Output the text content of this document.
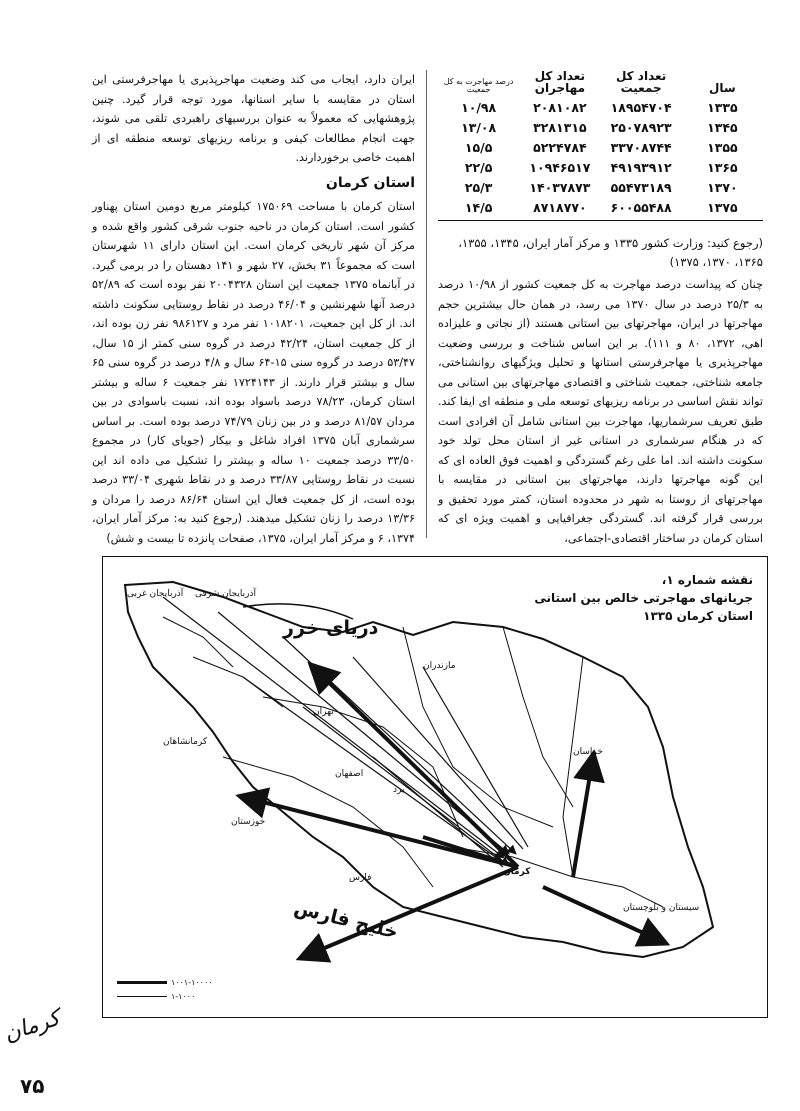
سال
تعداد کل جمعیت
تعداد کل مهاجران
درصد مهاجرت به کل جمعیت
۱۳۳۵
۱۸۹۵۴۷۰۴
۲۰۸۱۰۸۲
۱۰/۹۸
۱۳۴۵
۲۵۰۷۸۹۲۳
۳۲۸۱۳۱۵
۱۳/۰۸
۱۳۵۵
۳۳۷۰۸۷۴۴
۵۲۲۴۷۸۴
۱۵/۵
۱۳۶۵
۴۹۱۹۳۹۱۲
۱۰۹۴۶۵۱۷
۲۲/۵
۱۳۷۰
۵۵۴۷۳۱۸۹
۱۴۰۳۷۸۷۳
۲۵/۳
۱۳۷۵
۶۰۰۵۵۴۸۸
۸۷۱۸۷۷۰
۱۴/۵
(رجوع کنید: وزارت کشور ۱۳۳۵ و مرکز آمار ایران، ۱۳۴۵، ۱۳۵۵، ۱۳۶۵، ۱۳۷۰، ۱۳۷۵)

چنان که پیداست درصد مهاجرت به کل جمعیت کشور از ۱۰/۹۸ درصد به ۲۵/۳ درصد در سال ۱۳۷۰ می رسد، در همان حال بیشترین حجم مهاجرتها در ایران، مهاجرتهای بین استانی هستند (از نجاتی و علیزاده اهی، ۱۳۷۲، ۸۰ و ۱۱۱). بر این اساس شناخت و بررسی وضعیت مهاجرپذیری یا مهاجرفرستی استانها و تحلیل ویژگیهای روانشناختی، جامعه شناختی، جمعیت شناختی و اقتصادی مهاجرتهای بین استانی می تواند نقش اساسی در برنامه ریزیهای توسعه ملی و منطقه ای ایفا کند. طبق تعریف سرشماریها، مهاجرت بین استانی شامل آن افرادی است که در هنگام سرشماری در استانی غیر از استان محل تولد خود سکونت داشته اند. اما علی رغم گستردگی و اهمیت فوق العاده ای که این گونه مهاجرتها دارند، مهاجرتهای بین استانی در مقایسه با مهاجرتهای از روستا به شهر در محدوده استان، کمتر مورد تحقیق و بررسی قرار گرفته اند. گستردگی جغرافیایی و اهمیت ویژه ای که استان کرمان در ساختار اقتصادی-اجتماعی،

ایران دارد، ایجاب می کند وضعیت مهاجرپذیری یا مهاجرفرستی این استان در مقایسه با سایر استانها، مورد توجه قرار گیرد. چنین پژوهشهایی که معمولاً به عنوان بررسیهای راهبردی تلقی می شوند، جهت انجام مطالعات کیفی و برنامه ریزیهای توسعه منطقه ای از اهمیت خاصی برخوردارند.

استان کرمان

استان کرمان با مساحت ۱۷۵۰۶۹ کیلومتر مربع دومین استان پهناور کشور است. استان کرمان در ناحیه جنوب شرقی کشور واقع شده و مرکز آن شهر تاریخی کرمان است. این استان دارای ۱۱ شهرستان است که مجموعاً ۳۱ بخش، ۲۷ شهر و ۱۴۱ دهستان را در برمی گیرد. در آبانماه ۱۳۷۵ جمعیت این استان ۲۰۰۴۳۲۸ نفر بوده است که ۵۲/۸۹ درصد آنها شهرنشین و ۴۶/۰۴ درصد در نقاط روستایی سکونت داشته اند. از کل این جمعیت، ۱۰۱۸۲۰۱ نفر مرد و ۹۸۶۱۲۷ نفر زن بوده اند، از کل جمعیت استان، ۴۲/۲۴ درصد در گروه سنی کمتر از ۱۵ سال، ۵۳/۴۷ درصد در گروه سنی ۱۵-۶۴ سال و ۴/۸ درصد در گروه سنی ۶۵ سال و بیشتر قرار دارند. از ۱۷۲۴۱۴۳ نفر جمعیت ۶ ساله و بیشتر استان کرمان، ۷۸/۲۳ درصد باسواد بوده اند، نسبت باسوادی در بین مردان ۸۱/۵۷ درصد و در بین زنان ۷۴/۷۹ درصد بوده است. بر اساس سرشماری آبان ۱۳۷۵ افراد شاغل و بیکار (جویای کار) در مجموع ۳۳/۵۰ درصد جمعیت ۱۰ ساله و بیشتر را تشکیل می داده اند این نسبت در نقاط روستایی ۳۳/۸۷ درصد و در نقاط شهری ۳۳/۰۴ درصد بوده است، از کل جمعیت فعال این استان ۸۶/۶۴ درصد را مردان و ۱۳/۳۶ درصد را زنان تشکیل میدهند. (رجوع کنید به: مرکز آمار ایران، ۱۳۷۴، ۶ و مرکز آمار ایران، ۱۳۷۵، صفحات پانزده تا بیست و شش)

نقشه شماره ۱،
جریانهای مهاجرتی خالص بین استانی
استان کرمان ۱۳۳۵
دریای خزر
خلیج فارس
آذربایجان غربی آذربایجان شرقی
مازندران
خراسان
کرمانشاهان
اصفهان
یزد
خوزستان
فارس
کرمان
سیستان و بلوچستان
تهران
۱۰۰۱-۱۰۰۰۰
۱-۱۰۰۰
کرمان
۷۵
